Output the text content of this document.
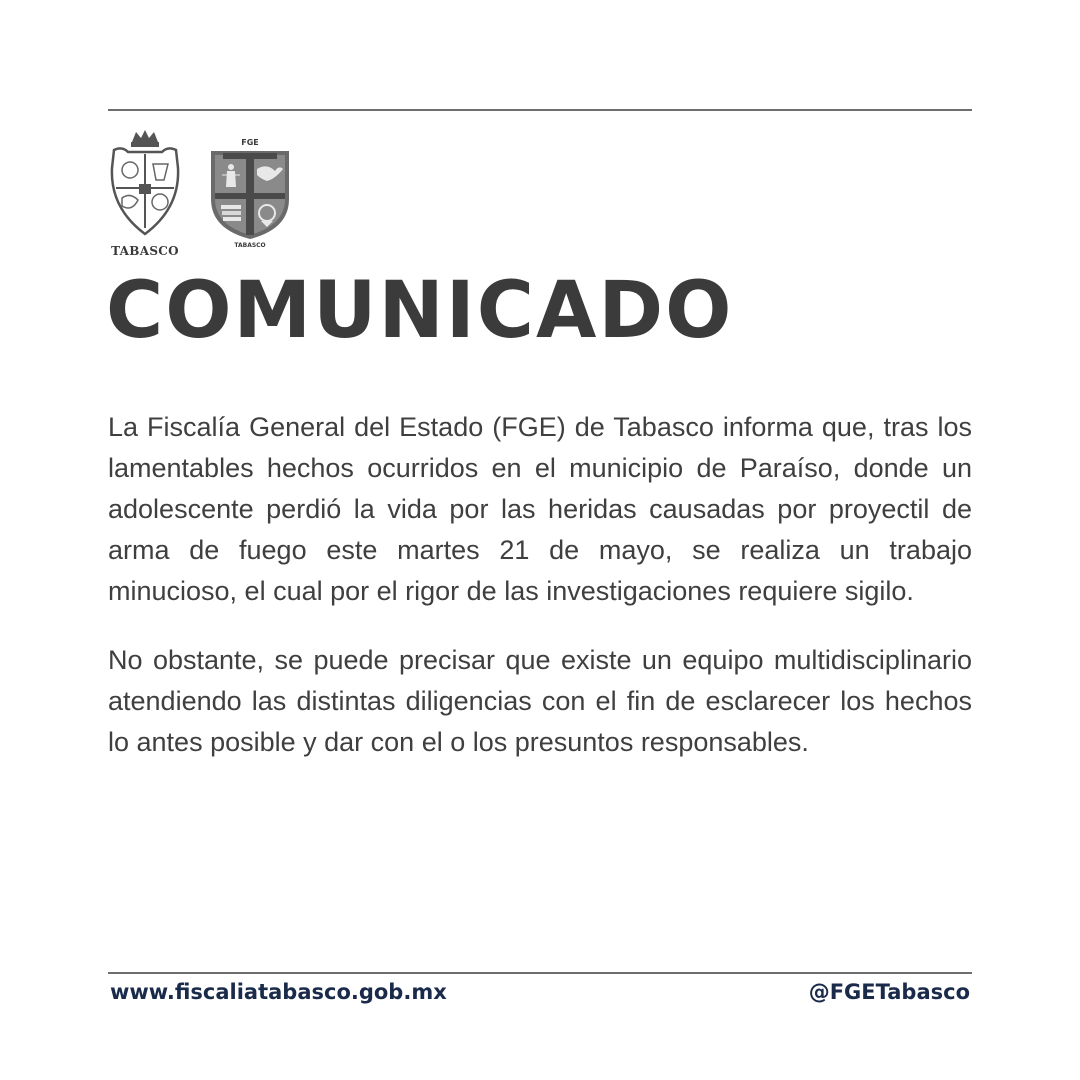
TABASCO
FGE
TABASCO
COMUNICADO

La Fiscalía General del Estado (FGE) de Tabasco informa que, tras los lamentables hechos ocurridos en el municipio de Paraíso, donde un adolescente perdió la vida por las heridas causadas por proyectil de arma de fuego este martes 21 de mayo, se realiza un trabajo minucioso, el cual por el rigor de las investigaciones requiere sigilo.

No obstante, se puede precisar que existe un equipo multidisciplinario atendiendo las distintas diligencias con el fin de esclarecer los hechos lo antes posible y dar con el o los presuntos responsables.

www.fiscaliatabasco.gob.mx	@FGETabasco
